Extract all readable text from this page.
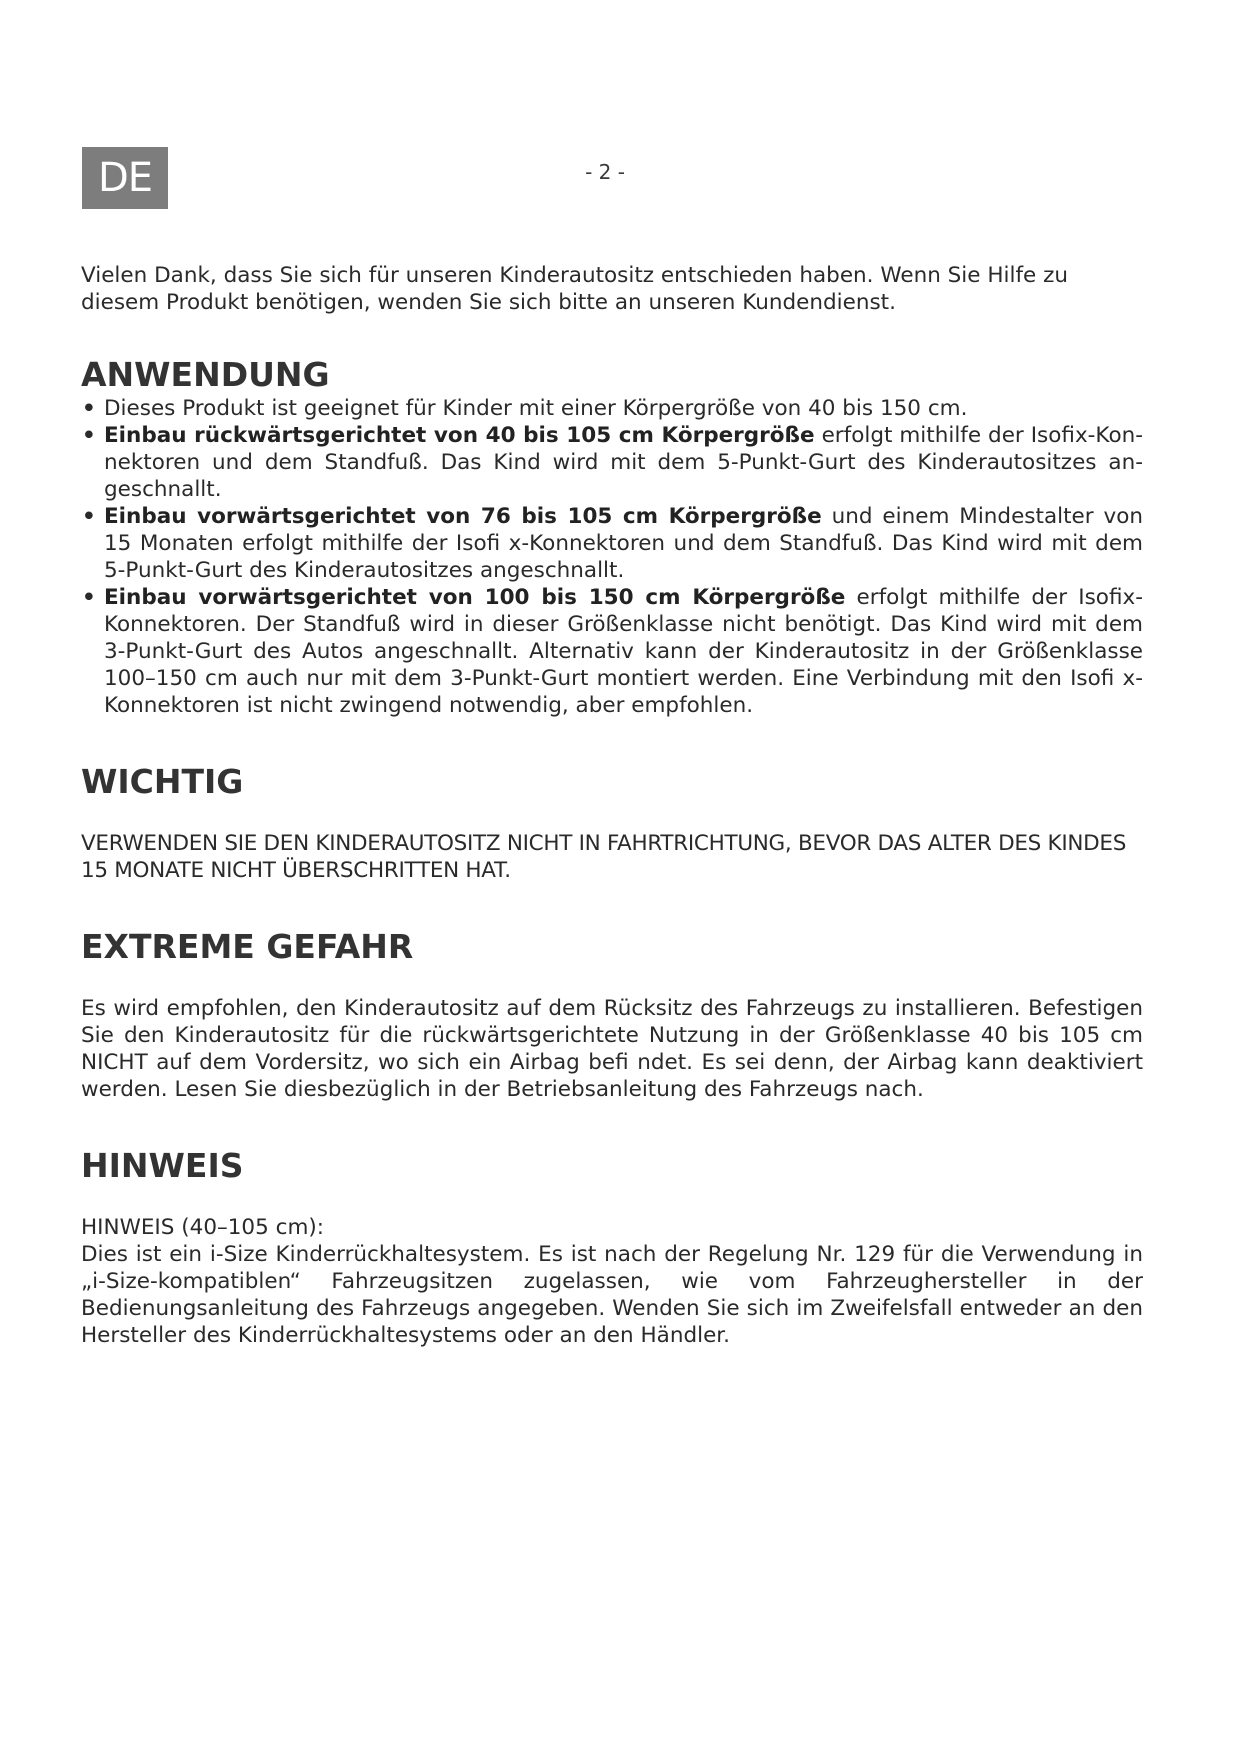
DE	- 2 -

Vielen Dank, dass Sie sich für unseren Kinderautositz entschieden haben. Wenn Sie Hilfe zu diesem Produkt benötigen, wenden Sie sich bitte an unseren Kundendienst.

ANWENDUNG
• Dieses Produkt ist geeignet für Kinder mit einer Körpergröße von 40 bis 150 cm.
• Einbau rückwärtsgerichtet von 40 bis 105 cm Körpergröße erfolgt mithilfe der Isofix-Konnektoren und dem Standfuß. Das Kind wird mit dem 5-Punkt-Gurt des Kinderautositzes angeschnallt.
• Einbau vorwärtsgerichtet von 76 bis 105 cm Körpergröße und einem Mindestalter von 15 Monaten erfolgt mithilfe der Isofi x-Konnektoren und dem Standfuß. Das Kind wird mit dem 5-Punkt-Gurt des Kinderautositzes angeschnallt.
• Einbau vorwärtsgerichtet von 100 bis 150 cm Körpergröße erfolgt mithilfe der Isofix-Konnektoren. Der Standfuß wird in dieser Größenklasse nicht benötigt. Das Kind wird mit dem 3-Punkt-Gurt des Autos angeschnallt. Alternativ kann der Kinderautositz in der Größenklasse 100–150 cm auch nur mit dem 3-Punkt-Gurt montiert werden. Eine Verbindung mit den Isofi x-Konnektoren ist nicht zwingend notwendig, aber empfohlen.
WICHTIG

VERWENDEN SIE DEN KINDERAUTOSITZ NICHT IN FAHRTRICHTUNG, BEVOR DAS ALTER DES KINDES 15 MONATE NICHT ÜBERSCHRITTEN HAT.

EXTREME GEFAHR

Es wird empfohlen, den Kinderautositz auf dem Rücksitz des Fahrzeugs zu installieren. Befestigen Sie den Kinderautositz für die rückwärtsgerichtete Nutzung in der Größenklasse 40 bis 105 cm NICHT auf dem Vordersitz, wo sich ein Airbag befi ndet. Es sei denn, der Airbag kann deaktiviert werden. Lesen Sie diesbezüglich in der Betriebsanleitung des Fahrzeugs nach.

HINWEIS

HINWEIS (40–105 cm):

Dies ist ein i-Size Kinderrückhaltesystem. Es ist nach der Regelung Nr. 129 für die Verwendung in „i-Size-kompatiblen“ Fahrzeugsitzen zugelassen, wie vom Fahrzeughersteller in der Bedienungsanleitung des Fahrzeugs angegeben. Wenden Sie sich im Zweifelsfall entweder an den Hersteller des Kinderrückhaltesystems oder an den Händler.
